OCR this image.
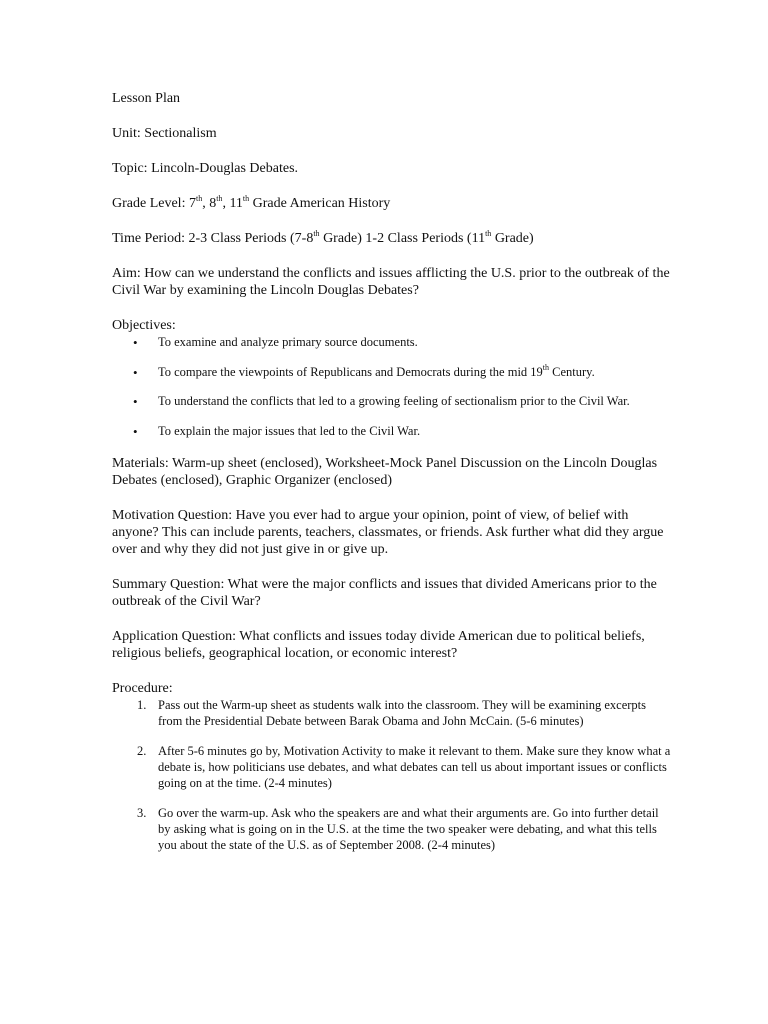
Lesson Plan

Unit: Sectionalism

Topic: Lincoln-Douglas Debates.

Grade Level: 7th, 8th, 11th Grade American History

Time Period: 2-3 Class Periods (7-8th Grade) 1-2 Class Periods (11th Grade)

Aim: How can we understand the conflicts and issues afflicting the U.S. prior to the outbreak of the Civil War by examining the Lincoln Douglas Debates?

Objectives:

• To examine and analyze primary source documents.
• To compare the viewpoints of Republicans and Democrats during the mid 19th Century.
• To understand the conflicts that led to a growing feeling of sectionalism prior to the Civil War.
• To explain the major issues that led to the Civil War.

Materials: Warm-up sheet (enclosed), Worksheet-Mock Panel Discussion on the Lincoln Douglas Debates (enclosed), Graphic Organizer (enclosed)

Motivation Question: Have you ever had to argue your opinion, point of view, of belief with anyone? This can include parents, teachers, classmates, or friends. Ask further what did they argue over and why they did not just give in or give up.

Summary Question: What were the major conflicts and issues that divided Americans prior to the outbreak of the Civil War?

Application Question: What conflicts and issues today divide American due to political beliefs, religious beliefs, geographical location, or economic interest?

Procedure:

1. Pass out the Warm-up sheet as students walk into the classroom. They will be examining excerpts from the Presidential Debate between Barak Obama and John McCain. (5-6 minutes)
2. After 5-6 minutes go by, Motivation Activity to make it relevant to them. Make sure they know what a debate is, how politicians use debates, and what debates can tell us about important issues or conflicts going on at the time. (2-4 minutes)
3. Go over the warm-up. Ask who the speakers are and what their arguments are. Go into further detail by asking what is going on in the U.S. at the time the two speaker were debating, and what this tells you about the state of the U.S. as of September 2008. (2-4 minutes)
